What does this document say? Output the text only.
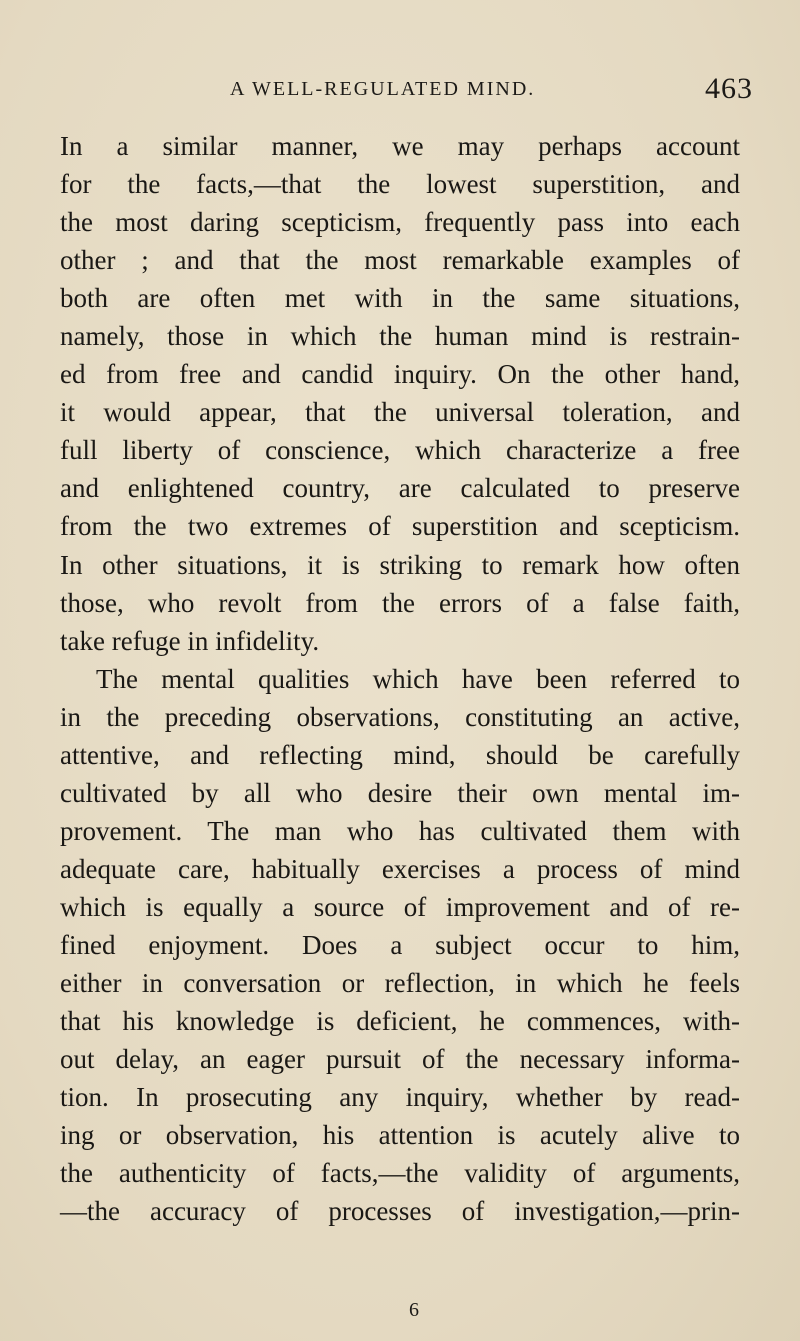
A WELL-REGULATED MIND.	463
In a similar manner, we may perhaps account
for the facts,—that the lowest superstition, and
the most daring scepticism, frequently pass into each
other ; and that the most remarkable examples of
both are often met with in the same situations,
namely, those in which the human mind is restrain-
ed from free and candid inquiry. On the other hand,
it would appear, that the universal toleration, and
full liberty of conscience, which characterize a free
and enlightened country, are calculated to preserve
from the two extremes of superstition and scepticism.
In other situations, it is striking to remark how often
those, who revolt from the errors of a false faith,
take refuge in infidelity.
The mental qualities which have been referred to
in the preceding observations, constituting an active,
attentive, and reflecting mind, should be carefully
cultivated by all who desire their own mental im-
provement. The man who has cultivated them with
adequate care, habitually exercises a process of mind
which is equally a source of improvement and of re-
fined enjoyment. Does a subject occur to him,
either in conversation or reflection, in which he feels
that his knowledge is deficient, he commences, with-
out delay, an eager pursuit of the necessary informa-
tion. In prosecuting any inquiry, whether by read-
ing or observation, his attention is acutely alive to
the authenticity of facts,—the validity of arguments,
—the accuracy of processes of investigation,—prin-
6
